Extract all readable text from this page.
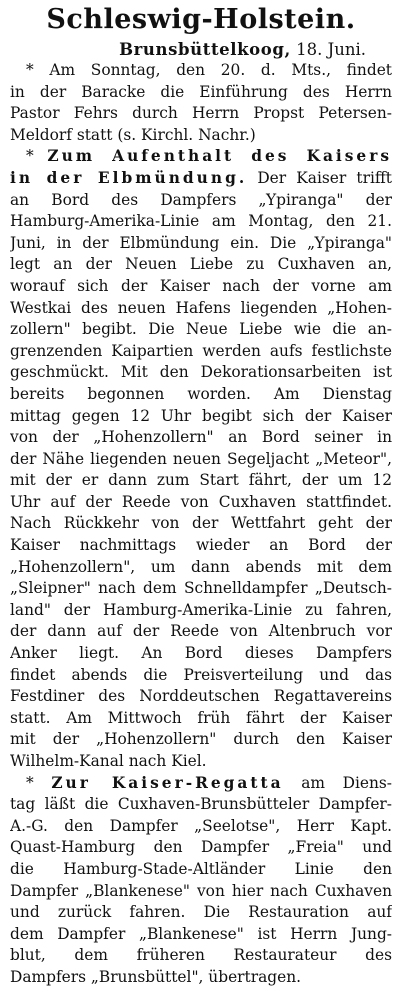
Schleswig-Holstein.
Brunsbüttelkoog, 18. Juni.
* Am Sonntag, den 20. d. Mts., findet
in der Baracke die Einführung des Herrn
Pastor Fehrs durch Herrn Propst Petersen-
Meldorf statt (s. Kirchl. Nachr.)
* Zum Aufenthalt des Kaisers
in der Elbmündung. Der Kaiser trifft
an Bord des Dampfers „Ypiranga" der
Hamburg-Amerika-Linie am Montag, den 21.
Juni, in der Elbmündung ein. Die „Ypiranga"
legt an der Neuen Liebe zu Cuxhaven an,
worauf sich der Kaiser nach der vorne am
Westkai des neuen Hafens liegenden „Hohen-
zollern" begibt. Die Neue Liebe wie die an-
grenzenden Kaipartien werden aufs festlichste
geschmückt. Mit den Dekorationsarbeiten ist
bereits begonnen worden. Am Dienstag
mittag gegen 12 Uhr begibt sich der Kaiser
von der „Hohenzollern" an Bord seiner in
der Nähe liegenden neuen Segeljacht „Meteor",
mit der er dann zum Start fährt, der um 12
Uhr auf der Reede von Cuxhaven stattfindet.
Nach Rückkehr von der Wettfahrt geht der
Kaiser nachmittags wieder an Bord der
„Hohenzollern", um dann abends mit dem
„Sleipner" nach dem Schnelldampfer „Deutsch-
land" der Hamburg-Amerika-Linie zu fahren,
der dann auf der Reede von Altenbruch vor
Anker liegt. An Bord dieses Dampfers
findet abends die Preisverteilung und das
Festdiner des Norddeutschen Regattavereins
statt. Am Mittwoch früh fährt der Kaiser
mit der „Hohenzollern" durch den Kaiser
Wilhelm-Kanal nach Kiel.
* Zur Kaiser-Regatta am Diens-
tag läßt die Cuxhaven-Brunsbütteler Dampfer-
A.-G. den Dampfer „Seelotse", Herr Kapt.
Quast-Hamburg den Dampfer „Freia" und
die Hamburg-Stade-Altländer Linie den
Dampfer „Blankenese" von hier nach Cuxhaven
und zurück fahren. Die Restauration auf
dem Dampfer „Blankenese" ist Herrn Jung-
blut, dem früheren Restaurateur des
Dampfers „Brunsbüttel", übertragen.
